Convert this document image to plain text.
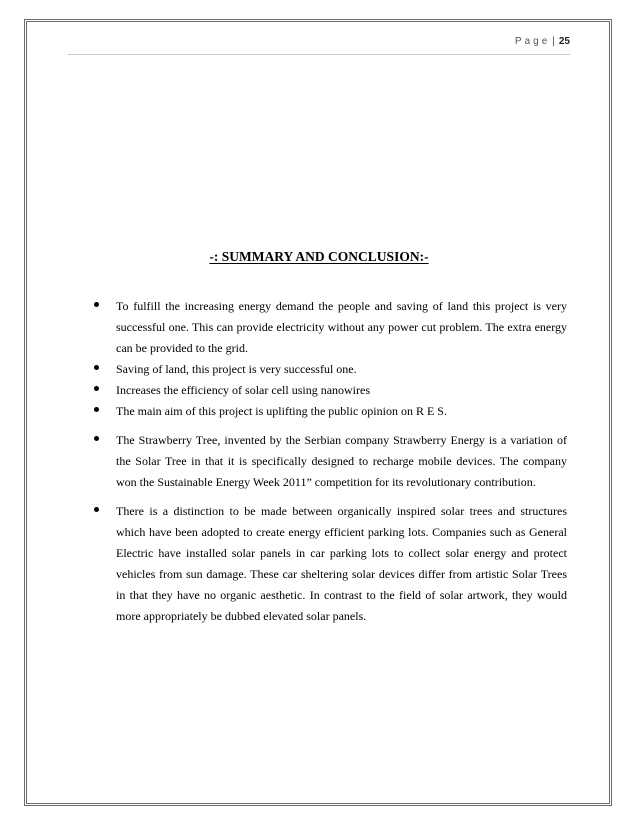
Page | 25
-: SUMMARY AND CONCLUSION:-
To fulfill the increasing energy demand the people and saving of land this project is very successful one. This can provide electricity without any power cut problem. The extra energy can be provided to the grid.
Saving of land, this project is very successful one.
Increases the efficiency of solar cell using nanowires
The main aim of this project is uplifting the public opinion on R E S.
The Strawberry Tree, invented by the Serbian company Strawberry Energy is a variation of the Solar Tree in that it is specifically designed to recharge mobile devices. The company won the Sustainable Energy Week 2011” competition for its revolutionary contribution.
There is a distinction to be made between organically inspired solar trees and structures which have been adopted to create energy efficient parking lots. Companies such as General Electric have installed solar panels in car parking lots to collect solar energy and protect vehicles from sun damage. These car sheltering solar devices differ from artistic Solar Trees in that they have no organic aesthetic. In contrast to the field of solar artwork, they would more appropriately be dubbed elevated solar panels.
